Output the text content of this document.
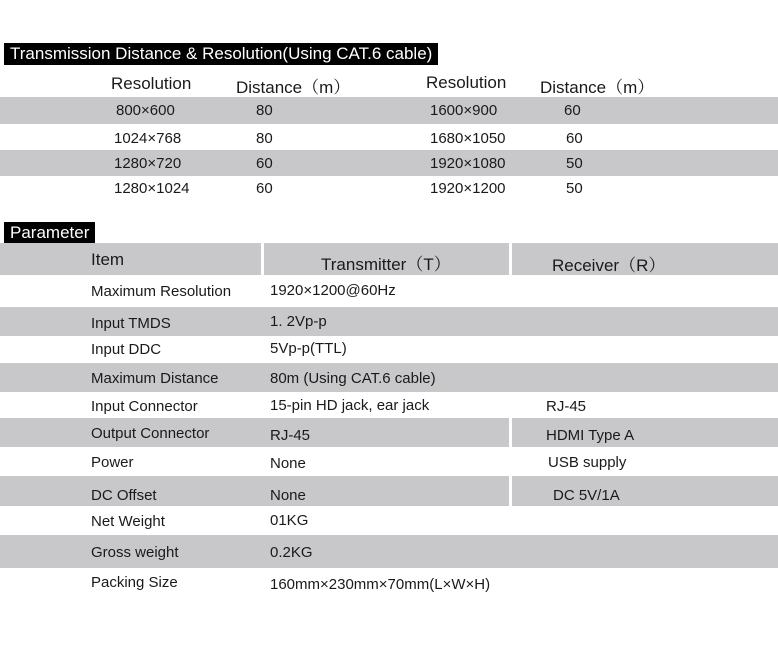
Transmission Distance & Resolution(Using CAT.6 cable)
Resolution	Distance（m）	Resolution Distance（m）
800×600	80	1600×900	60
1024×768	80	1680×1050	60
1280×720	60	1920×1080	50
1280×1024	60	1920×1200	50
Parameter
Item	Transmitter（T）	Receiver（R）
Maximum Resolution	1920×1200@60Hz
Input TMDS	1. 2Vp-p
Input DDC	5Vp-p(TTL)
Maximum Distance	80m (Using CAT.6 cable)
Input Connector	15-pin HD jack, ear jack	RJ-45
Output Connector	RJ-45	HDMI Type A
Power	None	USB supply
DC Offset	None	DC 5V/1A
Net Weight	01KG
Gross weight	0.2KG
Packing Size	160mm×230mm×70mm(L×W×H)
